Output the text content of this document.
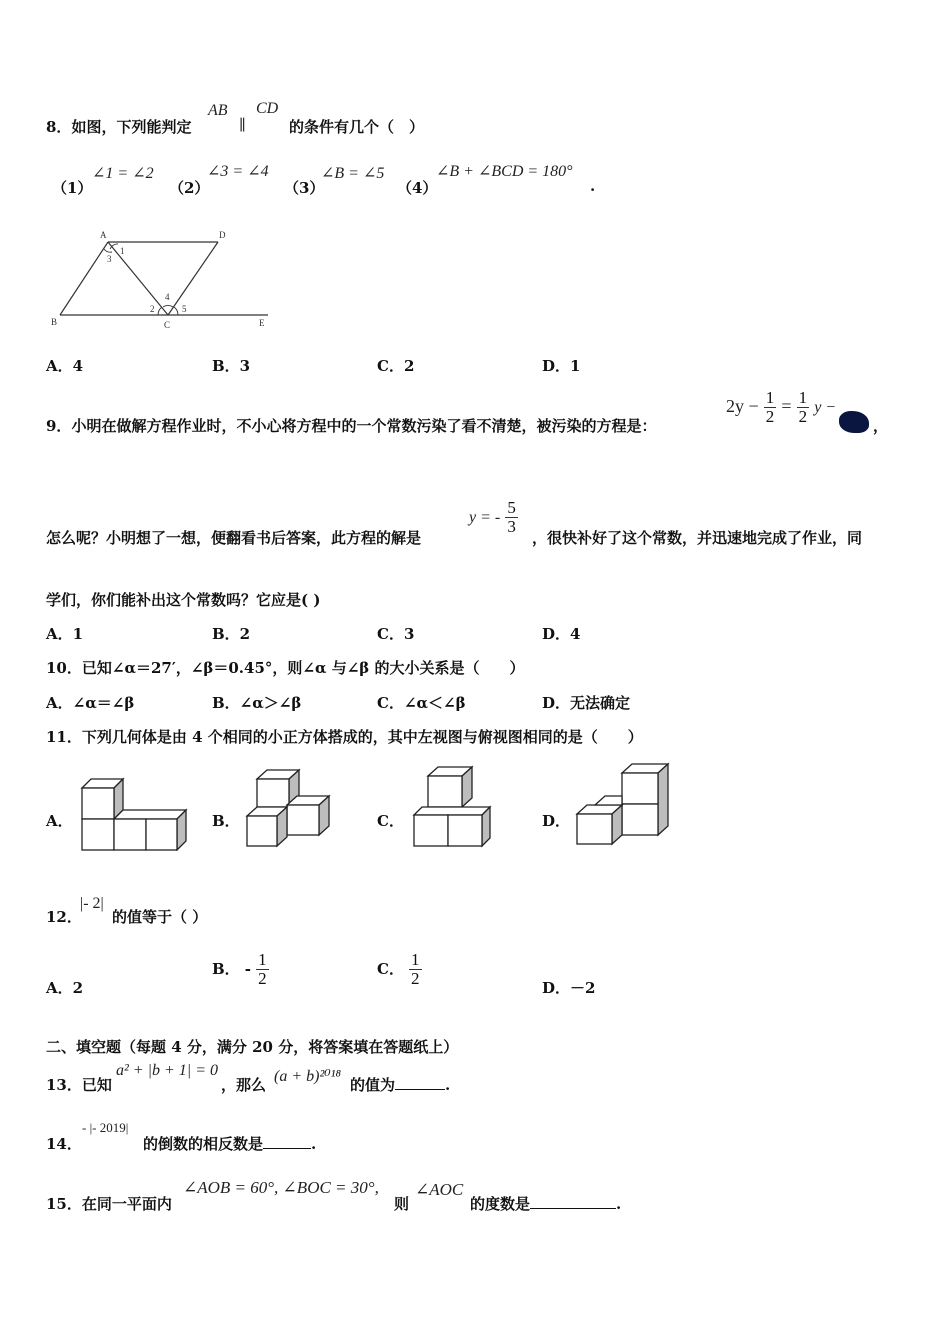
8．如图，下列能判定
AB
∥
CD
的条件有几个（　）
（1）
∠1 = ∠2
（2）
∠3 = ∠4
（3）
∠B = ∠5
（4）
∠B + ∠BCD = 180°
.
A	D
B	C	E
1
3
2
4
5
A．4	B．3	C．2	D．1
9．小明在做解方程作业时，不小心将方程中的一个常数污染了看不清楚，被污染的方程是：
$2y - \frac{1}{2} = \frac{1}{2}$ y −
，
怎么呢？小明想了一想，便翻看书后答案，此方程的解是
y = - $\frac{5}{3}$
，很快补好了这个常数，并迅速地完成了作业，同
学们，你们能补出这个常数吗？它应是( )
A．1	B．2	C．3	D．4
10．已知∠α＝27′，∠β＝0.45°，则∠α 与∠β 的大小关系是（　　）
A．∠α＝∠β	B．∠α＞∠β	C．∠α＜∠β	D．无法确定
11．下列几何体是由 4 个相同的小正方体搭成的，其中左视图与俯视图相同的是（　　）
A．	B．	C．	D．
12．
|- 2|
的值等于（ ）
A．2
B． - $\frac{1}{2}$	C． $\frac{1}{2}$
D．－2
二、填空题（每题 4 分，满分 20 分，将答案填在答题纸上）
13．已知
a² + |b + 1| = 0
，那么 (a + b)²⁰¹⁸ 的值为	.
14．
- |- 2019|
的倒数的相反数是	.
15．在同一平面内
∠AOB = 60°, ∠BOC = 30°,
则
∠AOC
的度数是	.
